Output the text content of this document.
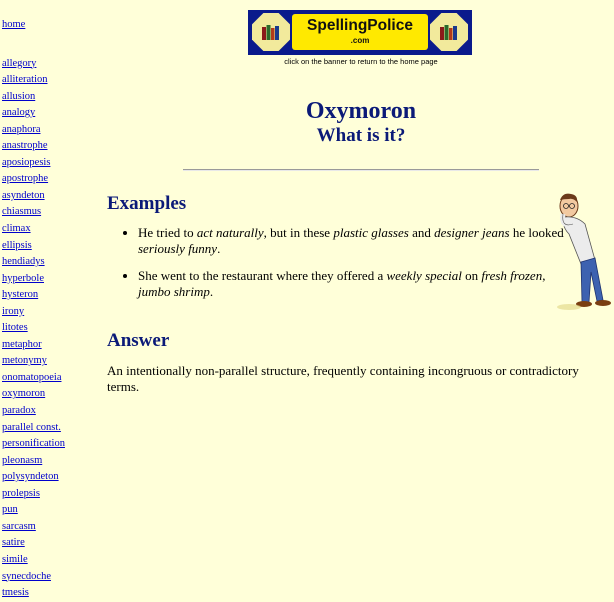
home
allegory
alliteration
allusion
analogy
anaphora
anastrophe
aposiopesis
apostrophe
asyndeton
chiasmus
climax
ellipsis
hendiadys
hyperbole
hysteron
irony
litotes
metaphor
metonymy
onomatopoeia
oxymoron
paradox
parallel const.
personification
pleonasm
polysyndeton
prolepsis
pun
sarcasm
satire
simile
synecdoche
tmesis
SpellingPolice
.com
click on the banner to return to the home page
Oxymoron
What is it?
Examples
• He tried to act naturally, but in these plastic glasses and designer jeans he looked seriously funny.
• She went to the restaurant where they offered a weekly special on fresh frozen, jumbo shrimp.
Answer

An intentionally non-parallel structure, frequently containing incongruous or contradictory terms.
